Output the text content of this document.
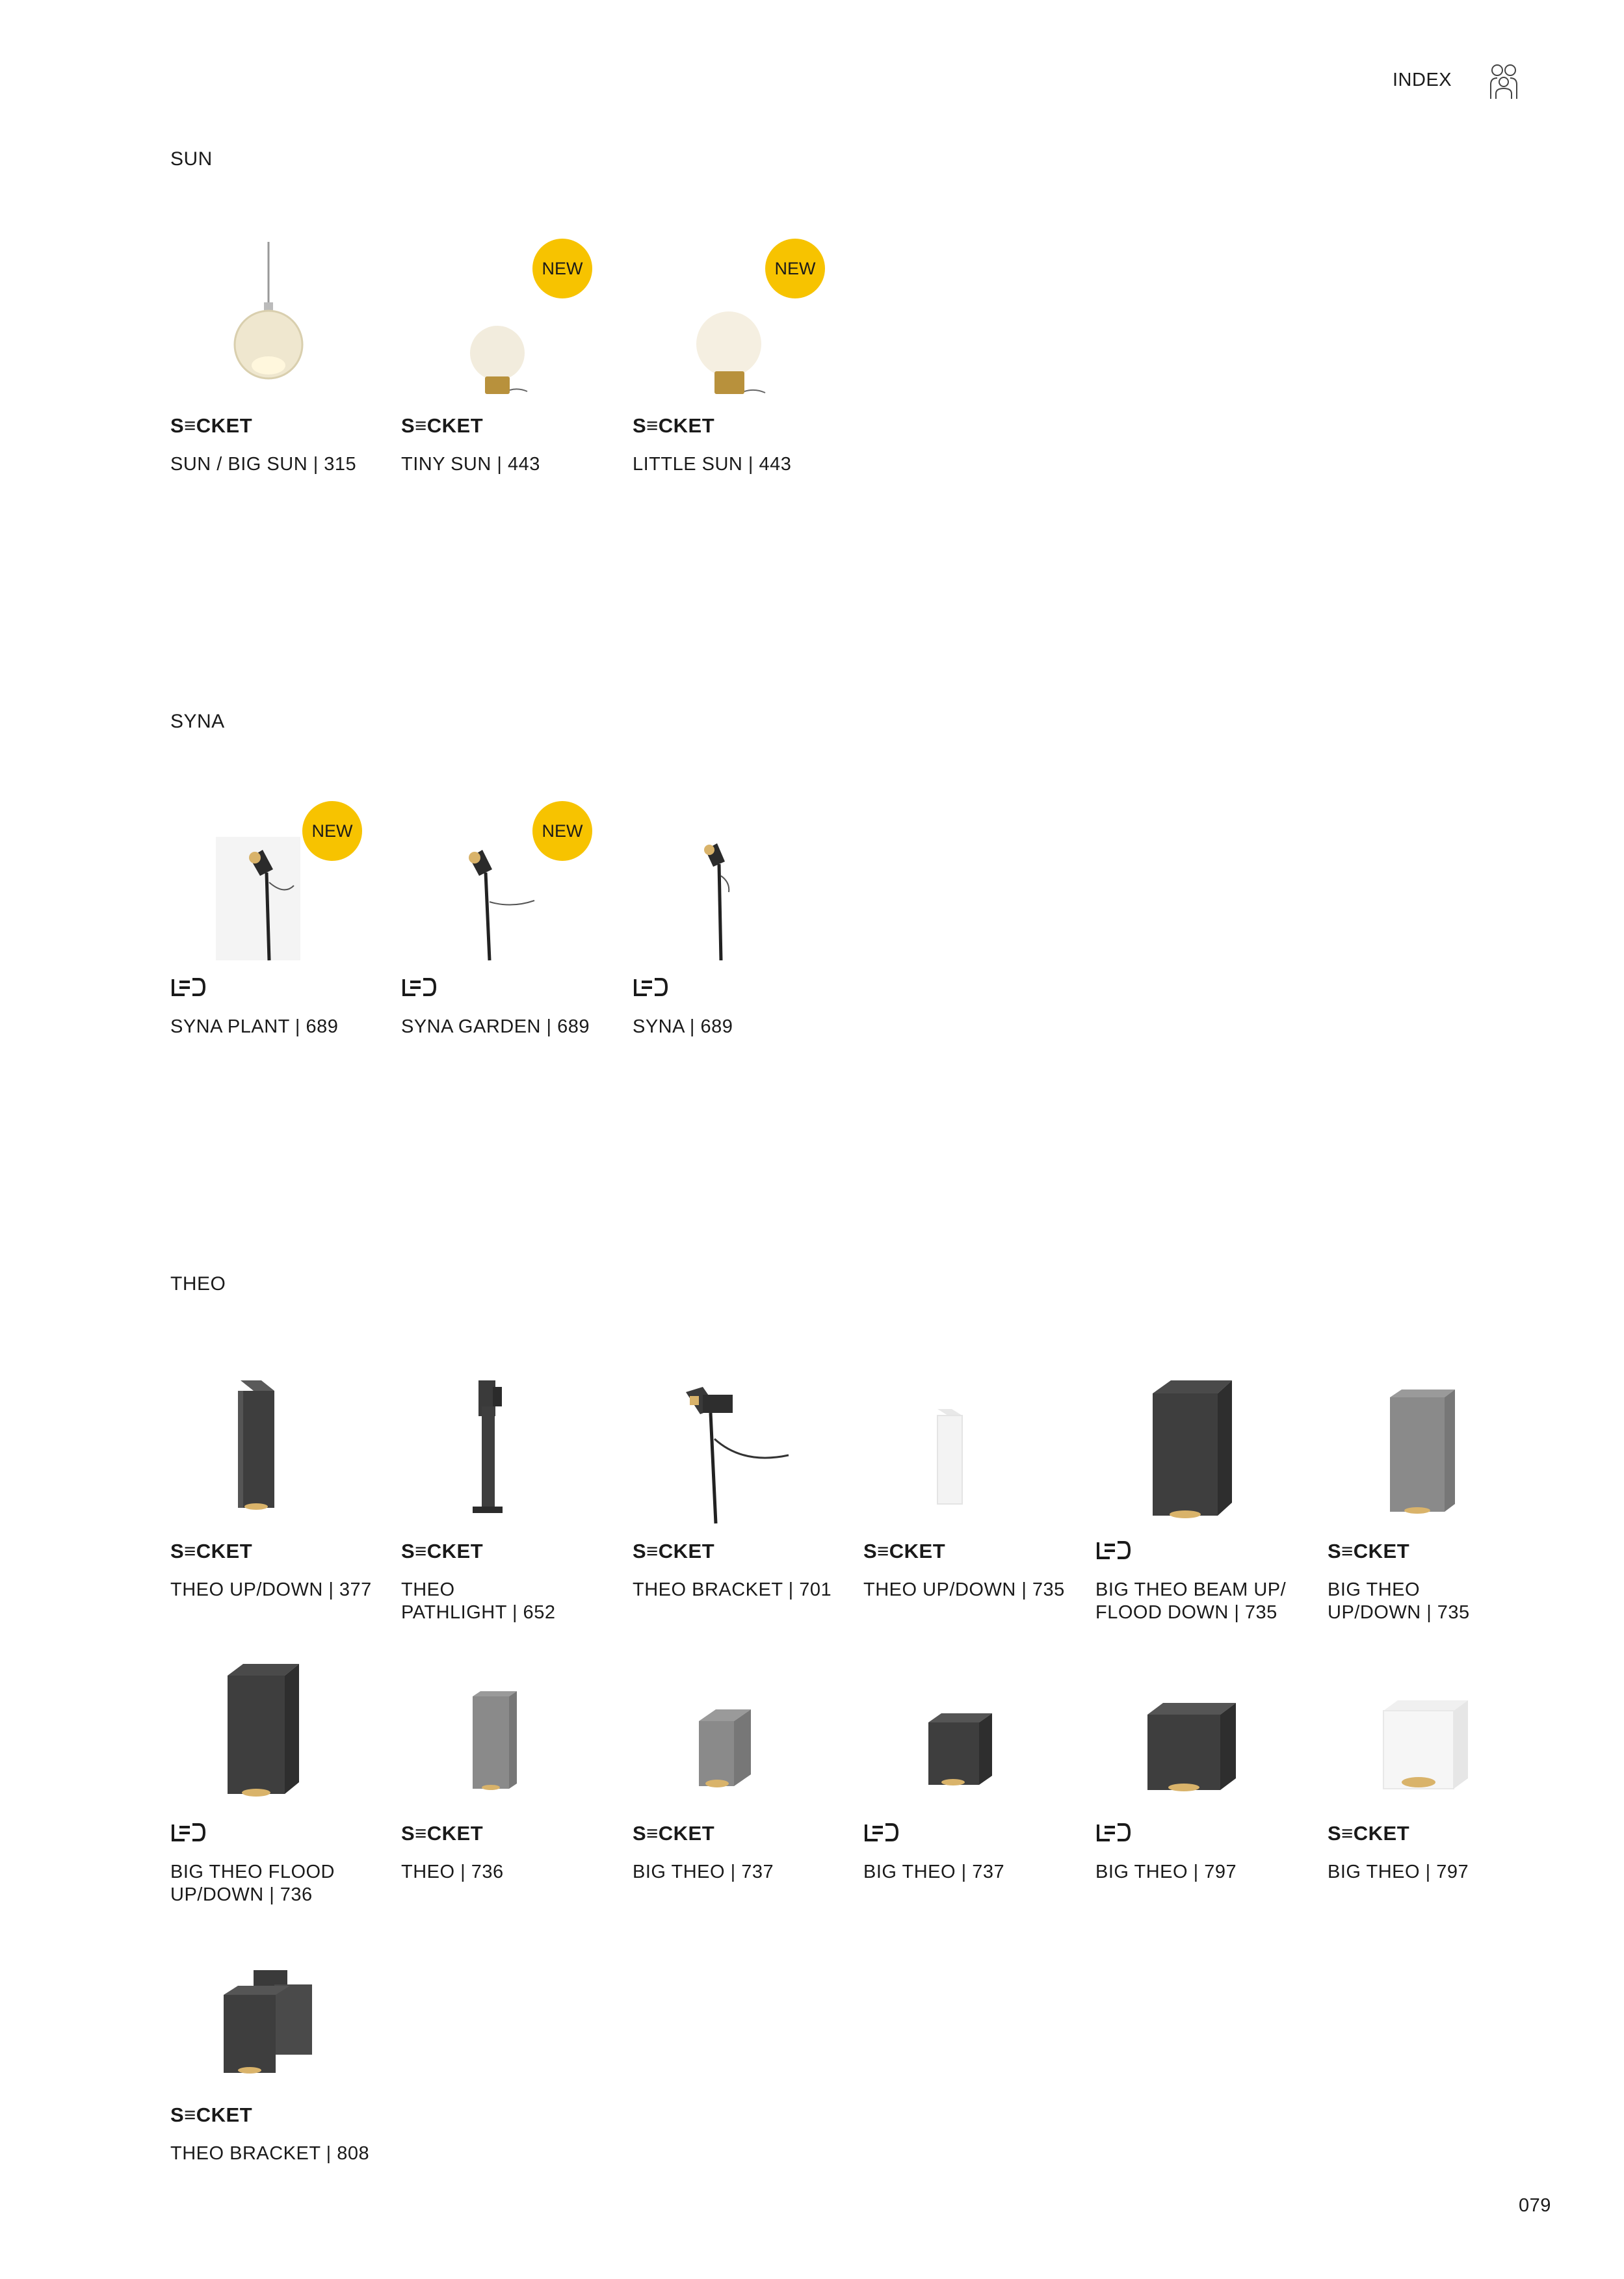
INDEX
SUN
SYNA
THEO
S≡CKET
SUN / BIG SUN | 315
NEW
S≡CKET
TINY SUN | 443
NEW
S≡CKET
LITTLE SUN | 443
NEW
SYNA PLANT | 689
NEW
SYNA GARDEN | 689	SYNA | 689
S≡CKET
THEO UP/DOWN | 377
S≡CKET
THEO
PATHLIGHT | 652
S≡CKET
THEO BRACKET | 701
S≡CKET
THEO UP/DOWN | 735	BIG THEO BEAM UP/
FLOOD DOWN | 735
S≡CKET
BIG THEO
UP/DOWN | 735
BIG THEO FLOOD
UP/DOWN | 736
S≡CKET
THEO | 736
S≡CKET
BIG THEO | 737	BIG THEO | 737	BIG THEO | 797
S≡CKET
BIG THEO | 797
S≡CKET
THEO BRACKET | 808
079
